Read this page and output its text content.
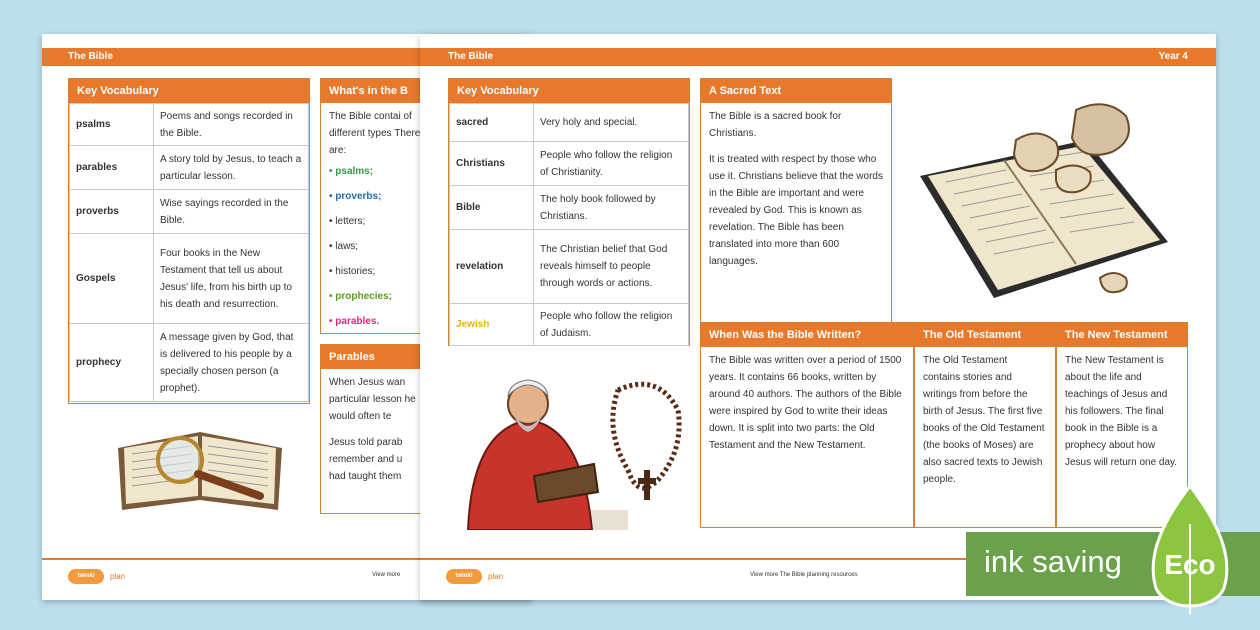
The Bible
Key Vocabulary
psalms	Poems and songs recorded in the Bible.
parables	A story told by Jesus, to teach a particular lesson.
proverbs	Wise sayings recorded in the Bible.
Gospels	Four books in the New Testament that tell us about Jesus' life, from his birth up to his death and resurrection.
prophecy	A message given by God, that is delivered to his people by a specially chosen person (a prophet).
What's in the B
The Bible contai of different types There are:
• psalms;
• proverbs;
• letters;
• laws;
• histories;
• prophecies;
• parables.
Parables

When Jesus wan particular lesson he would often te

Jesus told parab remember and u had taught them

twinkl	plan	View more
The Bible	Year 4
Key Vocabulary
sacred	Very holy and special.
Christians	People who follow the religion of Christianity.
Bible	The holy book followed by Christians.
revelation	The Christian belief that God reveals himself to people through words or actions.
Jewish	People who follow the religion of Judaism.
A Sacred Text

The Bible is a sacred book for Christians.

It is treated with respect by those who use it. Christians believe that the words in the Bible are important and were revealed by God. This is known as revelation. The Bible has been translated into more than 600 languages.

When Was the Bible Written?
The Bible was written over a period of 1500 years. It contains 66 books, written by around 40 authors. The authors of the Bible were inspired by God to write their ideas down. It is split into two parts: the Old Testament and the New Testament.
The Old Testament
The Old Testament contains stories and writings from before the birth of Jesus. The first five books of the Old Testament (the books of Moses) are also sacred texts to Jewish people.
The New Testament
The New Testament is about the life and teachings of Jesus and his followers. The final book in the Bible is a prophecy about how Jesus will return one day.
twinkl	plan	View more The Bible planning resources	ink saving Eco
